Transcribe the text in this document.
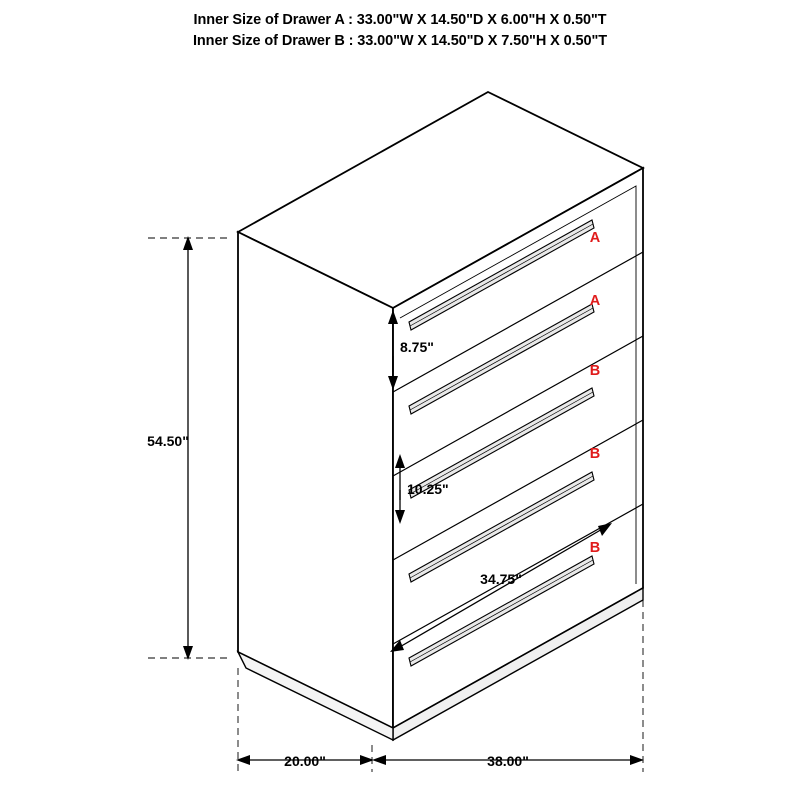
Inner Size of Drawer A : 33.00"W X 14.50"D X 6.00"H X 0.50"T
Inner Size of Drawer B : 33.00"W X 14.50"D X 7.50"H X 0.50"T
54.50"
8.75"
10.25"
34.75"
20.00"	38.00"
A
A
B
B
B
